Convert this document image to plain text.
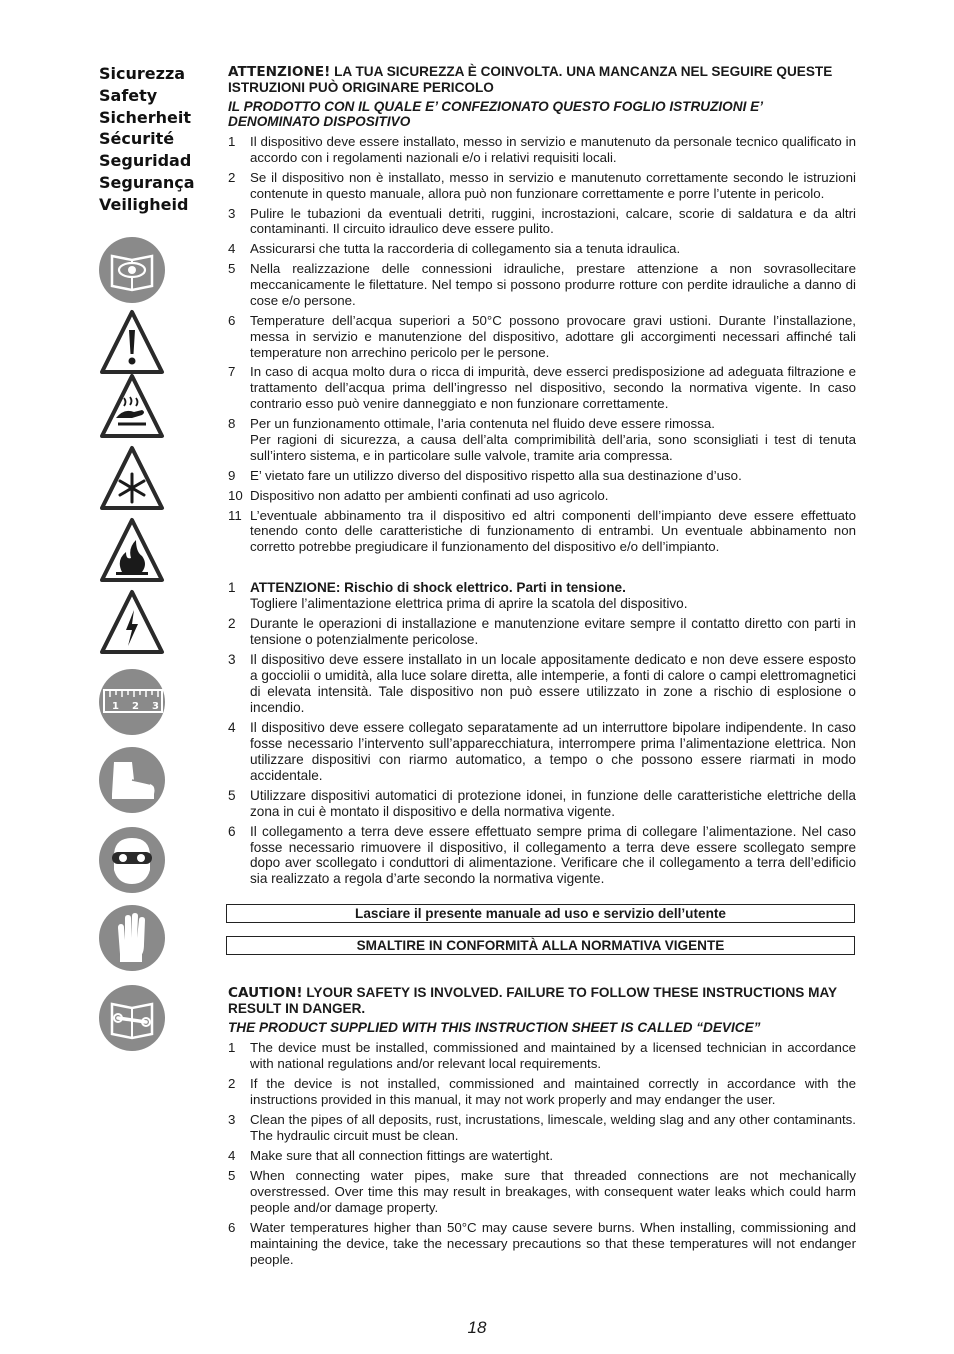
Sicurezza
Safety
Sicherheit
Sécurité
Seguridad
Segurança
Veiligheid
1 2 3

ATTENZIONE! LA TUA SICUREZZA È COINVOLTA. UNA MANCANZA NEL SEGUIRE QUESTE ISTRUZIONI PUÒ ORIGINARE PERICOLO

IL PRODOTTO CON IL QUALE E’ CONFEZIONATO QUESTO FOGLIO ISTRUZIONI E’ DENOMINATO DISPOSITIVO

1 Il dispositivo deve essere installato, messo in servizio e manutenuto da personale tecnico qualificato in accordo con i regolamenti nazionali e/o i relativi requisiti locali.
2 Se il dispositivo non è installato, messo in servizio e manutenuto correttamente secondo le istruzioni contenute in questo manuale, allora può non funzionare correttamente e porre l’utente in pericolo.
3 Pulire le tubazioni da eventuali detriti, ruggini, incrostazioni, calcare, scorie di saldatura e da altri contaminanti. Il circuito idraulico deve essere pulito.
4 Assicurarsi che tutta la raccorderia di collegamento sia a tenuta idraulica.
5 Nella realizzazione delle connessioni idrauliche, prestare attenzione a non sovrasollecitare meccanicamente le filettature. Nel tempo si possono produrre rotture con perdite idrauliche a danno di cose e/o persone.
6 Temperature dell’acqua superiori a 50°C possono provocare gravi ustioni. Durante l’installazione, messa in servizio e manutenzione del dispositivo, adottare gli accorgimenti necessari affinché tali temperature non arrechino pericolo per le persone.
7 In caso di acqua molto dura o ricca di impurità, deve esserci predisposizione ad adeguata filtrazione e trattamento dell’acqua prima dell’ingresso nel dispositivo, secondo la normativa vigente. In caso contrario esso può venire danneggiato e non funzionare correttamente.
8 Per un funzionamento ottimale, l’aria contenuta nel fluido deve essere rimossa.
Per ragioni di sicurezza, a causa dell’alta comprimibilità dell’aria, sono sconsigliati i test di tenuta sull’intero sistema, e in particolare sulle valvole, tramite aria compressa.
9 E’ vietato fare un utilizzo diverso del dispositivo rispetto alla sua destinazione d’uso.
10 Dispositivo non adatto per ambienti confinati ad uso agricolo.
11 L’eventuale abbinamento tra il dispositivo ed altri componenti dell’impianto deve essere effettuato tenendo conto delle caratteristiche di funzionamento di entrambi. Un eventuale abbinamento non corretto potrebbe pregiudicare il funzionamento del dispositivo e/o dell’impianto.
1 ATTENZIONE: Rischio di shock elettrico. Parti in tensione.
Togliere l’alimentazione elettrica prima di aprire la scatola del dispositivo.
2 Durante le operazioni di installazione e manutenzione evitare sempre il contatto diretto con parti in tensione o potenzialmente pericolose.
3 Il dispositivo deve essere installato in un locale appositamente dedicato e non deve essere esposto a gocciolii o umidità, alla luce solare diretta, alle intemperie, a fonti di calore o campi elettromagnetici di elevata intensità. Tale dispositivo non può essere utilizzato in zone a rischio di esplosione o incendio.
4 Il dispositivo deve essere collegato separatamente ad un interruttore bipolare indipendente. In caso fosse necessario l’intervento sull’apparecchiatura, interrompere prima l’alimentazione elettrica. Non utilizzare dispositivi con riarmo automatico, a tempo o che possono essere riarmati in modo accidentale.
5 Utilizzare dispositivi automatici di protezione idonei, in funzione delle caratteristiche elettriche della zona in cui è montato il dispositivo e della normativa vigente.
6 Il collegamento a terra deve essere effettuato sempre prima di collegare l’alimentazione. Nel caso fosse necessario rimuovere il dispositivo, il collegamento a terra deve essere scollegato sempre dopo aver scollegato i conduttori di alimentazione. Verificare che il collegamento a terra dell’edificio sia realizzato a regola d’arte secondo la normativa vigente.
Lasciare il presente manuale ad uso e servizio dell’utente
SMALTIRE IN CONFORMITÀ ALLA NORMATIVA VIGENTE

CAUTION! LYOUR SAFETY IS INVOLVED. FAILURE TO FOLLOW THESE INSTRUCTIONS MAY RESULT IN DANGER.

THE PRODUCT SUPPLIED WITH THIS INSTRUCTION SHEET IS CALLED “DEVICE”

1 The device must be installed, commissioned and maintained by a licensed technician in accordance with national regulations and/or relevant local requirements.
2 If the device is not installed, commissioned and maintained correctly in accordance with the instructions provided in this manual, it may not work properly and may endanger the user.
3 Clean the pipes of all deposits, rust, incrustations, limescale, welding slag and any other contaminants. The hydraulic circuit must be clean.
4 Make sure that all connection fittings are watertight.
5 When connecting water pipes, make sure that threaded connections are not mechanically overstressed. Over time this may result in breakages, with consequent water leaks which could harm people and/or damage property.
6 Water temperatures higher than 50°C may cause severe burns. When installing, commissioning and maintaining the device, take the necessary precautions so that these temperatures will not endanger people.
18
